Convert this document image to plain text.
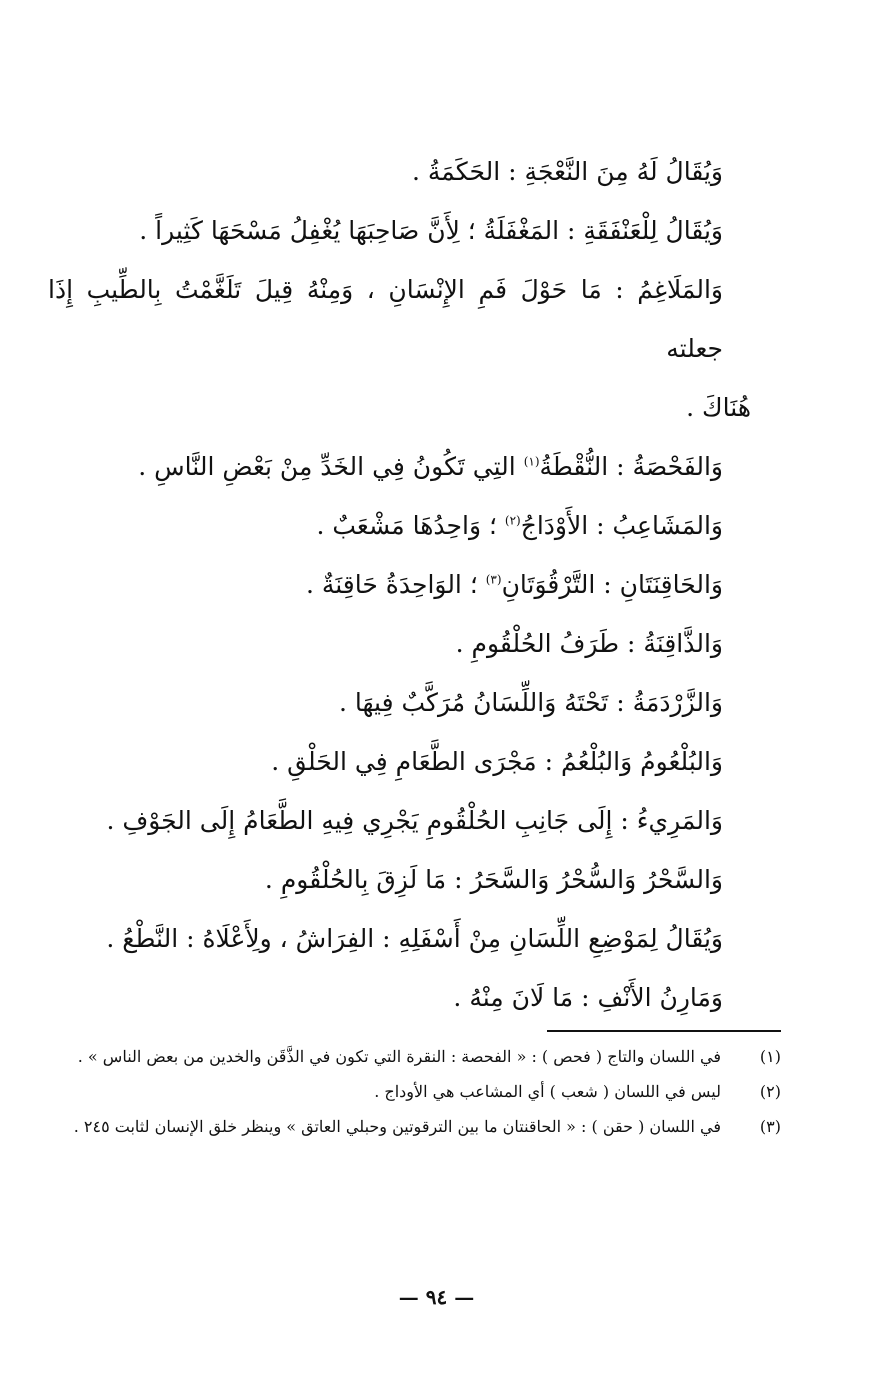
وَيُقَالُ لَهُ مِنَ النَّعْجَةِ : الحَكَمَةُ .

وَيُقَالُ لِلْعَنْفَقَةِ : المَغْفَلَةُ ؛ لِأَنَّ صَاحِبَهَا يُغْفِلُ مَسْحَهَا كَثِيراً .

وَالمَلَاغِمُ : مَا حَوْلَ فَمِ الإِنْسَانِ ، وَمِنْهُ قِيلَ تَلَغَّمْتُ بِالطِّيبِ إِذَا جعلته

هُنَاكَ .

وَالفَحْصَةُ : النُّقْطَةُ$^{(١)}$ التِي تَكُونُ فِي الخَدِّ مِنْ بَعْضِ النَّاسِ .

وَالمَشَاعِبُ : الأَوْدَاجُ$^{(٢)}$ ؛ وَاحِدُهَا مَشْعَبٌ .

وَالحَاقِنَتَانِ : التَّرْقُوَتَانِ$^{(٣)}$ ؛ الوَاحِدَةُ حَاقِنَةٌ .

وَالذَّاقِنَةُ : طَرَفُ الحُلْقُومِ .

وَالزَّرْدَمَةُ : تَحْتَهُ وَاللِّسَانُ مُرَكَّبٌ فِيهَا .

وَالبُلْعُومُ وَالبُلْعُمُ : مَجْرَى الطَّعَامِ فِي الحَلْقِ .

وَالمَرِيءُ : إِلَى جَانِبِ الحُلْقُومِ يَجْرِي فِيهِ الطَّعَامُ إِلَى الجَوْفِ .

وَالسَّحْرُ وَالسُّحْرُ وَالسَّحَرُ : مَا لَزِقَ بِالحُلْقُومِ .

وَيُقَالُ لِمَوْضِعِ اللِّسَانِ مِنْ أَسْفَلِهِ : الفِرَاشُ ، ولِأَعْلَاهُ : النَّطْعُ .

وَمَارِنُ الأَنْفِ : مَا لَانَ مِنْهُ .

(١)
في اللسان والتاج ( فحص ) : « الفحصة : النقرة التي تكون في الذَّقَن والخدين من بعض الناس » .
(٢)
ليس في اللسان ( شعب ) أي المشاعب هي الأوداج .
(٣)
في اللسان ( حقن ) : « الحاقنتان ما بين الترقوتين وحبلي العاتق » وينظر خلق الإنسان لثابت ٢٤٥ .
— ٩٤ —
